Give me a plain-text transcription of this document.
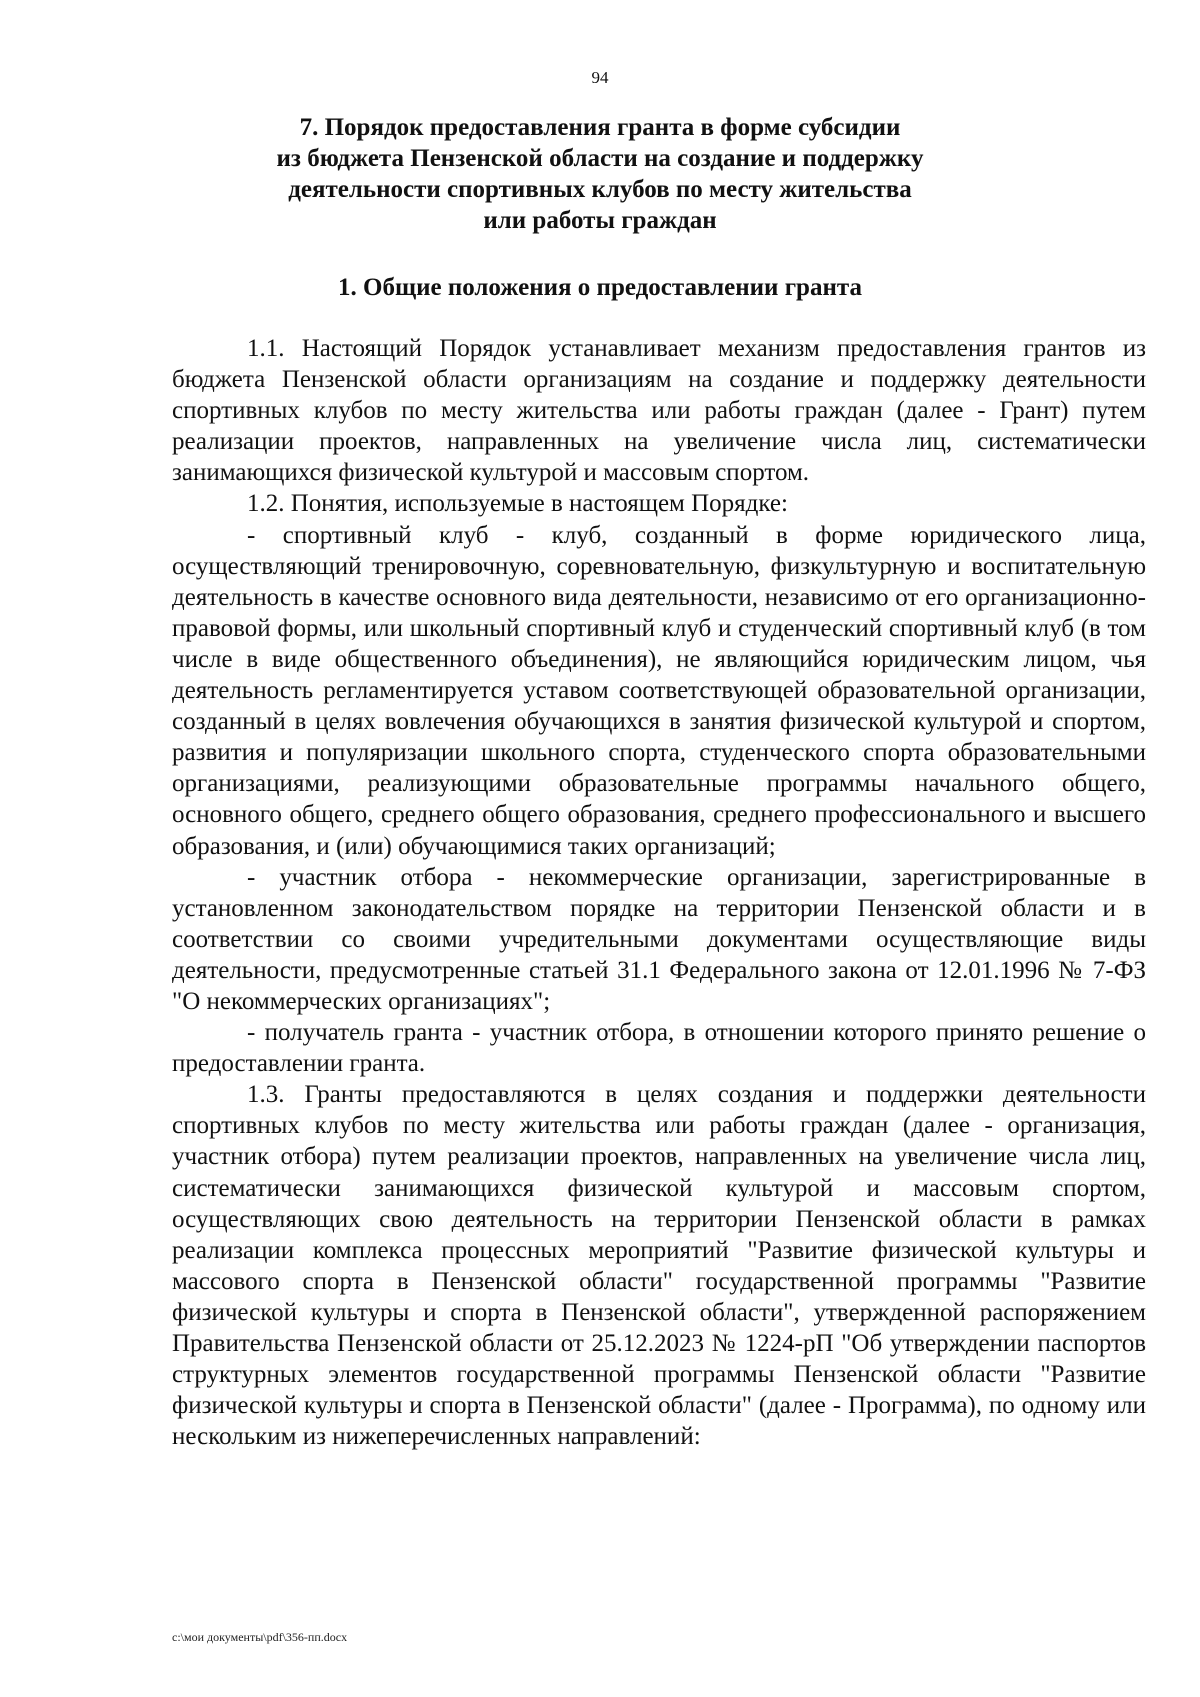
94
7. Порядок предоставления гранта в форме субсидии
из бюджета Пензенской области на создание и поддержку
деятельности спортивных клубов по месту жительства
или работы граждан
1. Общие положения о предоставлении гранта

1.1. Настоящий Порядок устанавливает механизм предоставления грантов из бюджета Пензенской области организациям на создание и поддержку деятельности спортивных клубов по месту жительства или работы граждан (далее - Грант) путем реализации проектов, направленных на увеличение числа лиц, систематически занимающихся физической культурой и массовым спортом.

1.2. Понятия, используемые в настоящем Порядке:

- спортивный клуб - клуб, созданный в форме юридического лица, осуществляющий тренировочную, соревновательную, физкультурную и воспитательную деятельность в качестве основного вида деятельности, независимо от его организационно-правовой формы, или школьный спортивный клуб и студенческий спортивный клуб (в том числе в виде общественного объединения), не являющийся юридическим лицом, чья деятельность регламентируется уставом соответствующей образовательной организации, созданный в целях вовлечения обучающихся в занятия физической культурой и спортом, развития и популяризации школьного спорта, студенческого спорта образовательными организациями, реализующими образовательные программы начального общего, основного общего, среднего общего образования, среднего профессионального и высшего образования, и (или) обучающимися таких организаций;

- участник отбора - некоммерческие организации, зарегистрированные в установленном законодательством порядке на территории Пензенской области и в соответствии со своими учредительными документами осуществляющие виды деятельности, предусмотренные статьей 31.1 Федерального закона от 12.01.1996 № 7-ФЗ "О некоммерческих организациях";

- получатель гранта - участник отбора, в отношении которого принято решение о предоставлении гранта.

1.3. Гранты предоставляются в целях создания и поддержки деятельности спортивных клубов по месту жительства или работы граждан (далее - организация, участник отбора) путем реализации проектов, направленных на увеличение числа лиц, систематически занимающихся физической культурой и массовым спортом, осуществляющих свою деятельность на территории Пензенской области в рамках реализации комплекса процессных мероприятий "Развитие физической культуры и массового спорта в Пензенской области" государственной программы "Развитие физической культуры и спорта в Пензенской области", утвержденной распоряжением Правительства Пензенской области от 25.12.2023 № 1224-рП "Об утверждении паспортов структурных элементов государственной программы Пензенской области "Развитие физической культуры и спорта в Пензенской области" (далее - Программа), по одному или нескольким из нижеперечисленных направлений:

c:\мои документы\pdf\356-пп.docx
